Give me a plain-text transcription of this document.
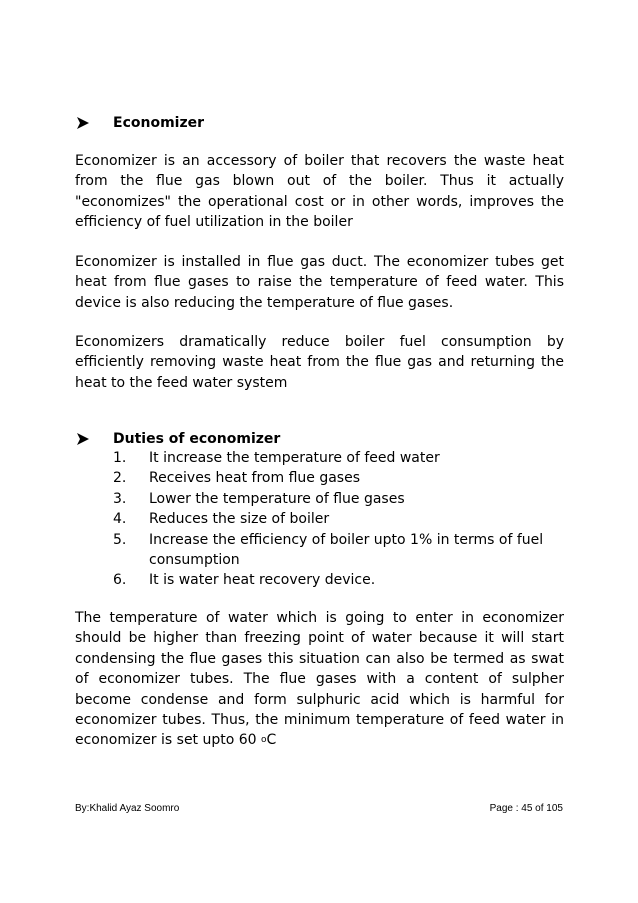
Economizer

Economizer is an accessory of boiler that recovers the waste heat from the flue gas blown out of the boiler. Thus it actually "economizes" the operational cost or in other words, improves the efficiency of fuel utilization in the boiler

Economizer is installed in flue gas duct. The economizer tubes get heat from flue gases to raise the temperature of feed water. This device is also reducing the temperature of flue gases.

Economizers dramatically reduce boiler fuel consumption by efficiently removing waste heat from the flue gas and returning the heat to the feed water system

Duties of economizer
1. It increase the temperature of feed water
2. Receives heat from flue gases
3. Lower the temperature of flue gases
4. Reduces the size of boiler
5. Increase the efficiency of boiler upto 1% in terms of fuel consumption
6. It is water heat recovery device.

The temperature of water which is going to enter in economizer should be higher than freezing point of water because it will start condensing the flue gases this situation can also be termed as swat of economizer tubes. The flue gases with a content of sulpher become condense and form sulphuric acid which is harmful for economizer tubes. Thus, the minimum temperature of feed water in economizer is set upto 60 $^o$C

By:Khalid Ayaz Soomro	Page : 45 of 105
